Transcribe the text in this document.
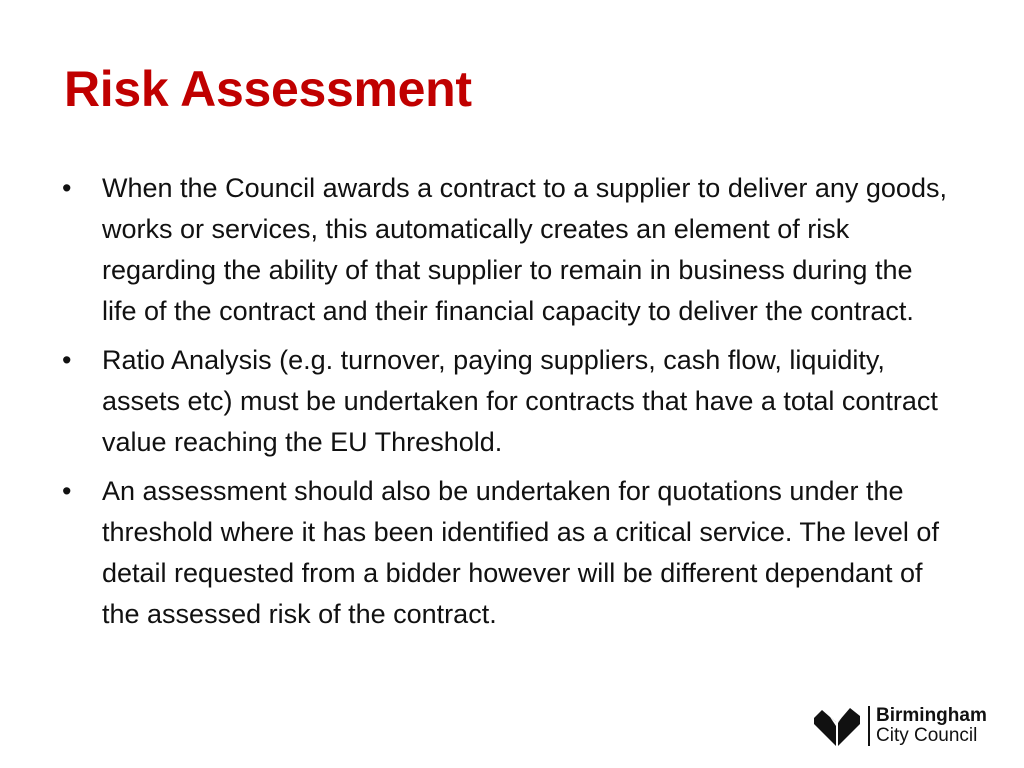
Risk Assessment
• When the Council awards a contract to a supplier to deliver any goods, works or services, this automatically creates an element of risk regarding the ability of that supplier to remain in business during the life of the contract and their financial capacity to deliver the contract.
• Ratio Analysis (e.g. turnover, paying suppliers, cash flow, liquidity, assets etc) must be undertaken for contracts that have a total contract value reaching the EU Threshold.
• An assessment should also be undertaken for quotations under the threshold where it has been identified as a critical service. The level of detail requested from a bidder however will be different dependant of the assessed risk of the contract.
Birmingham
City Council
